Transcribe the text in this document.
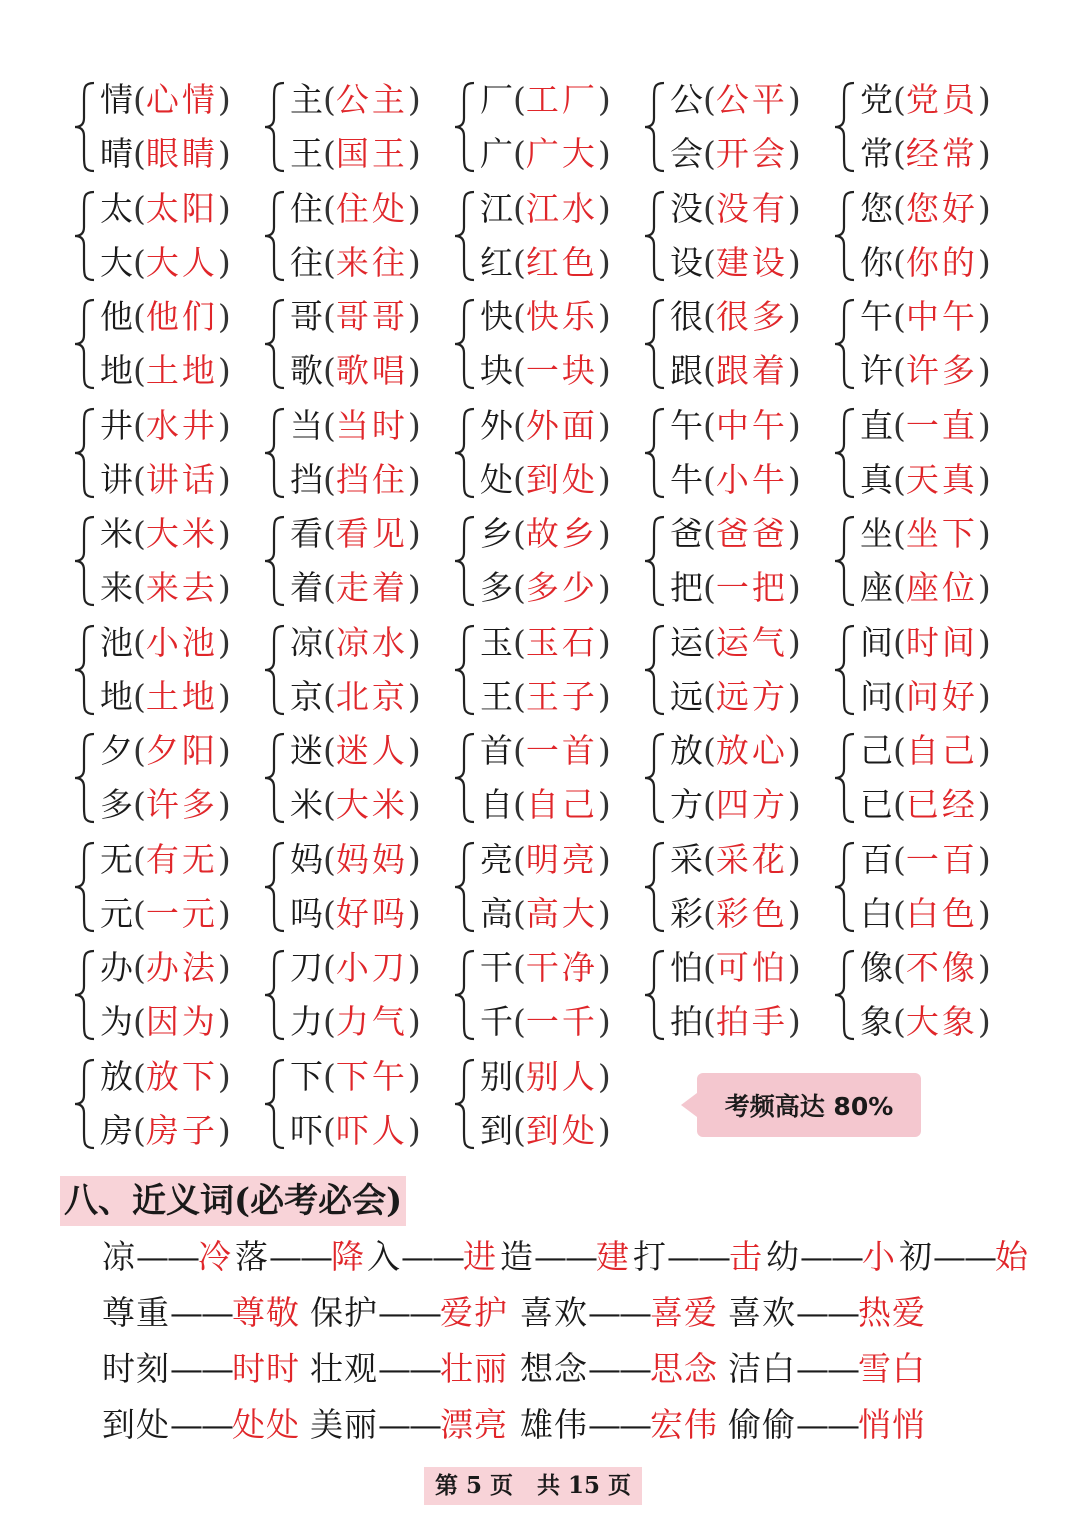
情(心情)
晴(眼睛)
主(公主)
王(国王)
厂(工厂)
广(广大)
公(公平)
会(开会)
党(党员)
常(经常)
太(太阳)
大(大人)
住(住处)
往(来往)
江(江水)
红(红色)
没(没有)
设(建设)
您(您好)
你(你的)
他(他们)
地(土地)
哥(哥哥)
歌(歌唱)
快(快乐)
块(一块)
很(很多)
跟(跟着)
午(中午)
许(许多)
井(水井)
讲(讲话)
当(当时)
挡(挡住)
外(外面)
处(到处)
午(中午)
牛(小牛)
直(一直)
真(天真)
米(大米)
来(来去)
看(看见)
着(走着)
乡(故乡)
多(多少)
爸(爸爸)
把(一把)
坐(坐下)
座(座位)
池(小池)
地(土地)
凉(凉水)
京(北京)
玉(玉石)
王(王子)
运(运气)
远(远方)
间(时间)
问(问好)
夕(夕阳)
多(许多)
迷(迷人)
米(大米)
首(一首)
自(自己)
放(放心)
方(四方)
己(自己)
已(已经)
无(有无)
元(一元)
妈(妈妈)
吗(好吗)
亮(明亮)
高(高大)
采(采花)
彩(彩色)
百(一百)
白(白色)
办(办法)
为(因为)
刀(小刀)
力(力气)
干(干净)
千(一千)
怕(可怕)
拍(拍手)
像(不像)
象(大象)
放(放下)
房(房子)
下(下午)
吓(吓人)
别(别人)
到(到处)
考频高达 80%
八、近义词(必考必会)
凉——冷 落——降 入——进 造——建 打——击 幼——小 初——始
尊重——尊敬 保护——爱护 喜欢——喜爱 喜欢——热爱
时刻——时时 壮观——壮丽 想念——思念 洁白——雪白
到处——处处 美丽——漂亮 雄伟——宏伟 偷偷——悄悄
第 5 页   共 15 页
